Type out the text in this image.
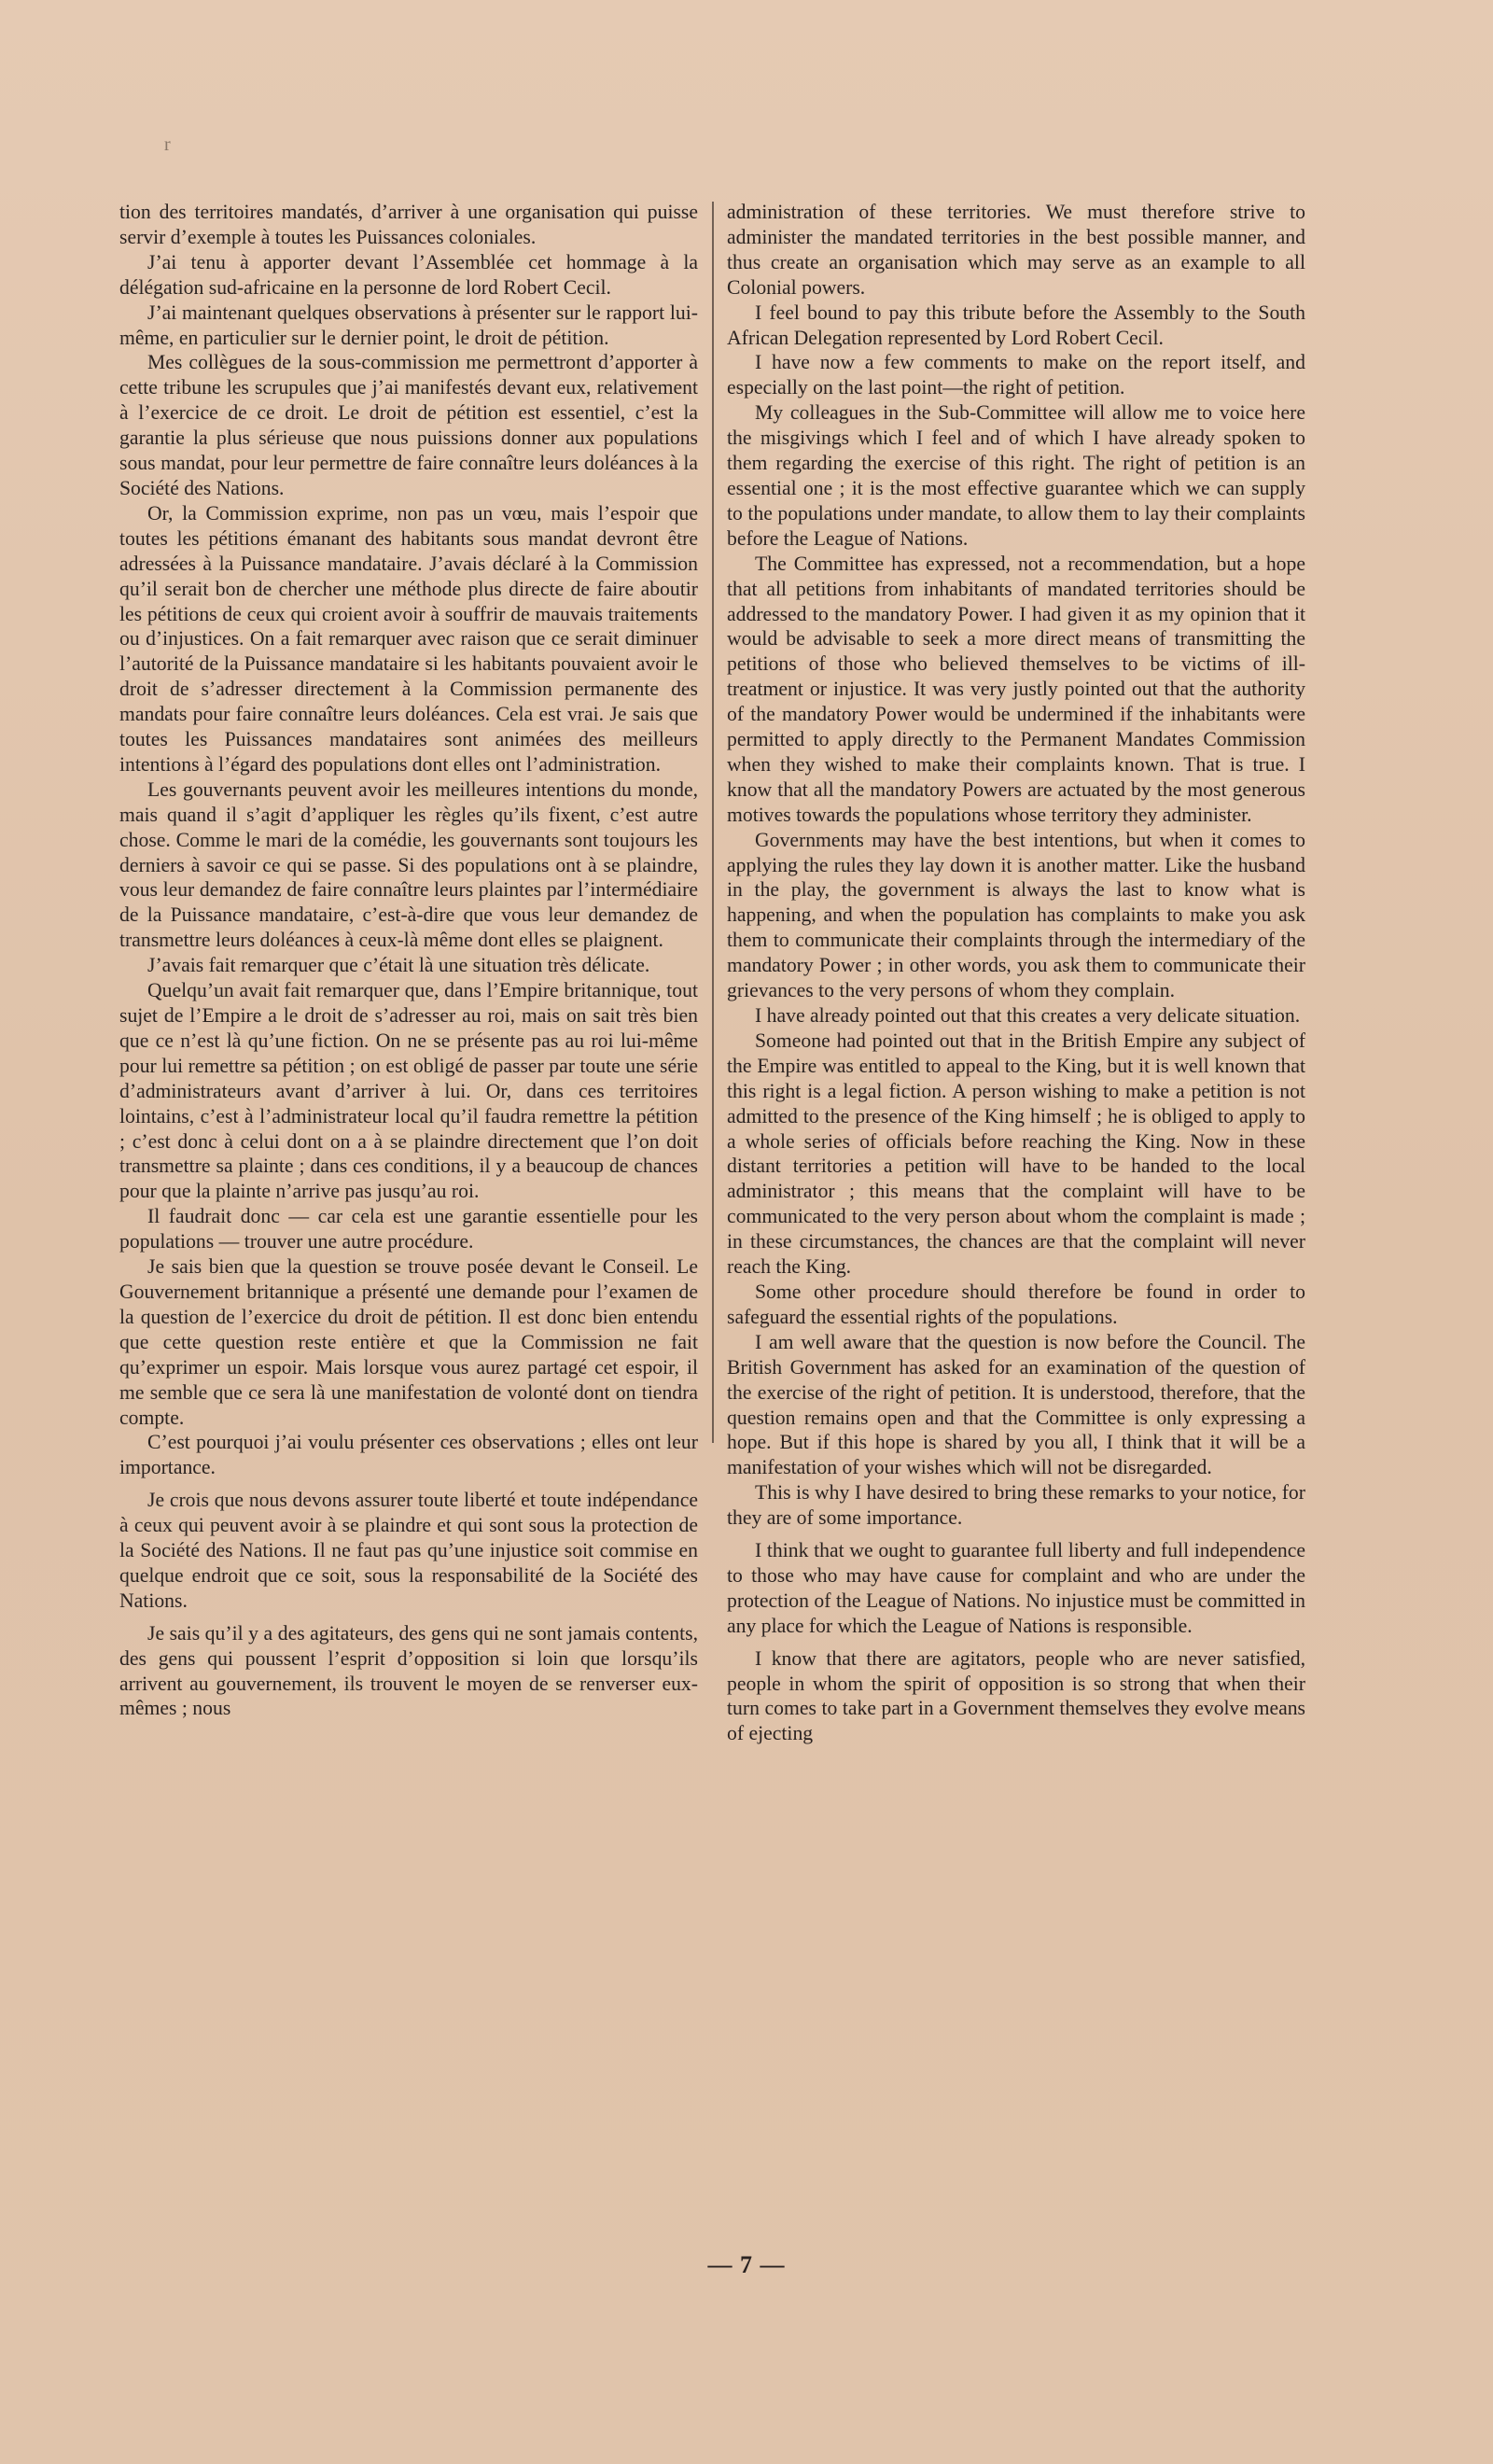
r

tion des territoires mandatés, d’arriver à une organisation qui puisse servir d’exemple à toutes les Puissances coloniales.

J’ai tenu à apporter devant l’Assemblée cet hommage à la délégation sud-africaine en la personne de lord Robert Cecil.

J’ai maintenant quelques observations à présenter sur le rapport lui-même, en particulier sur le dernier point, le droit de pétition.

Mes collègues de la sous-commission me permettront d’apporter à cette tribune les scrupules que j’ai manifestés devant eux, relativement à l’exercice de ce droit. Le droit de pétition est essentiel, c’est la garantie la plus sérieuse que nous puissions donner aux populations sous mandat, pour leur permettre de faire connaître leurs doléances à la Société des Nations.

Or, la Commission exprime, non pas un vœu, mais l’espoir que toutes les pétitions émanant des habitants sous mandat devront être adressées à la Puissance mandataire. J’avais déclaré à la Commission qu’il serait bon de chercher une méthode plus directe de faire aboutir les pétitions de ceux qui croient avoir à souffrir de mauvais traitements ou d’injustices. On a fait remarquer avec raison que ce serait diminuer l’autorité de la Puissance mandataire si les habitants pouvaient avoir le droit de s’adresser directement à la Commission permanente des mandats pour faire connaître leurs doléances. Cela est vrai. Je sais que toutes les Puissances mandataires sont animées des meilleurs intentions à l’égard des populations dont elles ont l’administration.

Les gouvernants peuvent avoir les meilleures intentions du monde, mais quand il s’agit d’appliquer les règles qu’ils fixent, c’est autre chose. Comme le mari de la comédie, les gouvernants sont toujours les derniers à savoir ce qui se passe. Si des populations ont à se plaindre, vous leur demandez de faire connaître leurs plaintes par l’intermédiaire de la Puissance mandataire, c’est-à-dire que vous leur demandez de transmettre leurs doléances à ceux-là même dont elles se plaignent.

J’avais fait remarquer que c’était là une situation très délicate.

Quelqu’un avait fait remarquer que, dans l’Empire britannique, tout sujet de l’Empire a le droit de s’adresser au roi, mais on sait très bien que ce n’est là qu’une fiction. On ne se présente pas au roi lui-même pour lui remettre sa pétition ; on est obligé de passer par toute une série d’administrateurs avant d’arriver à lui. Or, dans ces territoires lointains, c’est à l’administrateur local qu’il faudra remettre la pétition ; c’est donc à celui dont on a à se plaindre directement que l’on doit transmettre sa plainte ; dans ces conditions, il y a beaucoup de chances pour que la plainte n’arrive pas jusqu’au roi.

Il faudrait donc — car cela est une garantie essentielle pour les populations — trouver une autre procédure.

Je sais bien que la question se trouve posée devant le Conseil. Le Gouvernement britannique a présenté une demande pour l’examen de la question de l’exercice du droit de pétition. Il est donc bien entendu que cette question reste entière et que la Commission ne fait qu’exprimer un espoir. Mais lorsque vous aurez partagé cet espoir, il me semble que ce sera là une manifestation de volonté dont on tiendra compte.

C’est pourquoi j’ai voulu présenter ces observations ; elles ont leur importance.

Je crois que nous devons assurer toute liberté et toute indépendance à ceux qui peuvent avoir à se plaindre et qui sont sous la protection de la Société des Nations. Il ne faut pas qu’une injustice soit commise en quelque endroit que ce soit, sous la responsabilité de la Société des Nations.

Je sais qu’il y a des agitateurs, des gens qui ne sont jamais contents, des gens qui poussent l’esprit d’opposition si loin que lorsqu’ils arrivent au gouvernement, ils trouvent le moyen de se renverser eux-mêmes ; nous

administration of these territories. We must therefore strive to administer the mandated territories in the best possible manner, and thus create an organisation which may serve as an example to all Colonial powers.

I feel bound to pay this tribute before the Assembly to the South African Delegation represented by Lord Robert Cecil.

I have now a few comments to make on the report itself, and especially on the last point—the right of petition.

My colleagues in the Sub-Committee will allow me to voice here the misgivings which I feel and of which I have already spoken to them regarding the exercise of this right. The right of petition is an essential one ; it is the most effective guarantee which we can supply to the populations under mandate, to allow them to lay their complaints before the League of Nations.

The Committee has expressed, not a recommendation, but a hope that all petitions from inhabitants of mandated territories should be addressed to the mandatory Power. I had given it as my opinion that it would be advisable to seek a more direct means of transmitting the petitions of those who believed themselves to be victims of ill-treatment or injustice. It was very justly pointed out that the authority of the mandatory Power would be undermined if the inhabitants were permitted to apply directly to the Permanent Mandates Commission when they wished to make their complaints known. That is true. I know that all the mandatory Powers are actuated by the most generous motives towards the populations whose territory they administer.

Governments may have the best intentions, but when it comes to applying the rules they lay down it is another matter. Like the husband in the play, the government is always the last to know what is happening, and when the population has complaints to make you ask them to communicate their complaints through the intermediary of the mandatory Power ; in other words, you ask them to communicate their grievances to the very persons of whom they complain.

I have already pointed out that this creates a very delicate situation.

Someone had pointed out that in the British Empire any subject of the Empire was entitled to appeal to the King, but it is well known that this right is a legal fiction. A person wishing to make a petition is not admitted to the presence of the King himself ; he is obliged to apply to a whole series of officials before reaching the King. Now in these distant territories a petition will have to be handed to the local administrator ; this means that the complaint will have to be communicated to the very person about whom the complaint is made ; in these circumstances, the chances are that the complaint will never reach the King.

Some other procedure should therefore be found in order to safeguard the essential rights of the populations.

I am well aware that the question is now before the Council. The British Government has asked for an examination of the question of the exercise of the right of petition. It is understood, therefore, that the question remains open and that the Committee is only expressing a hope. But if this hope is shared by you all, I think that it will be a manifestation of your wishes which will not be disregarded.

This is why I have desired to bring these remarks to your notice, for they are of some importance.

I think that we ought to guarantee full liberty and full independence to those who may have cause for complaint and who are under the protection of the League of Nations. No injustice must be committed in any place for which the League of Nations is responsible.

I know that there are agitators, people who are never satisfied, people in whom the spirit of opposition is so strong that when their turn comes to take part in a Government themselves they evolve means of ejecting

— 7 —
